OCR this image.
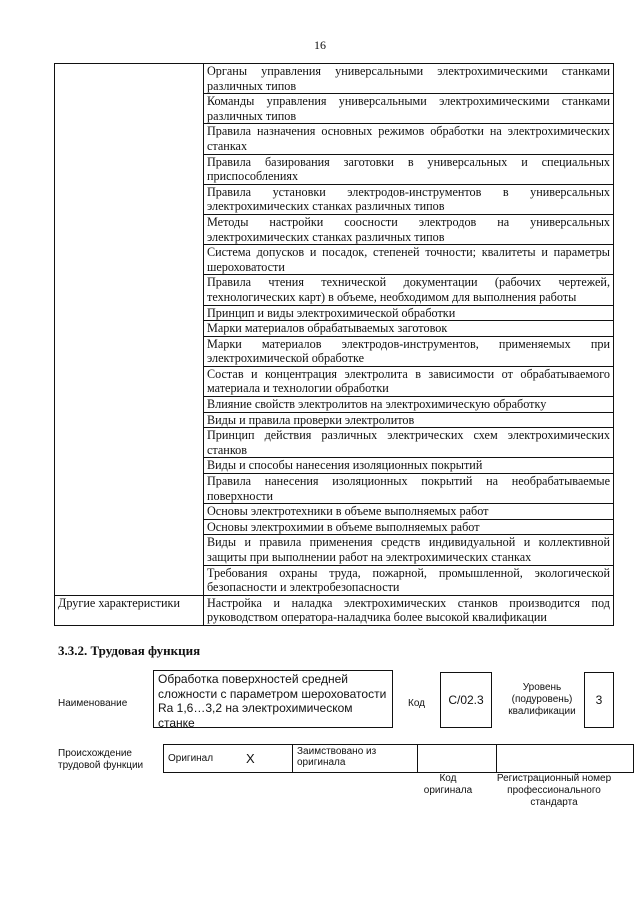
16
	Органы управления универсальными электрохимическими станками различных типов
	Команды управления универсальными электрохимическими станками различных типов
	Правила назначения основных режимов обработки на электрохимических станках
	Правила базирования заготовки в универсальных и специальных приспособлениях
	Правила установки электродов-инструментов в универсальных электрохимических станках различных типов
	Методы настройки соосности электродов на универсальных электрохимических станках различных типов
	Система допусков и посадок, степеней точности; квалитеты и параметры шероховатости
	Правила чтения технической документации (рабочих чертежей, технологических карт) в объеме, необходимом для выполнения работы
	Принцип и виды электрохимической обработки
	Марки материалов обрабатываемых заготовок
	Марки материалов электродов-инструментов, применяемых при электрохимической обработке
	Состав и концентрация электролита в зависимости от обрабатываемого материала и технологии обработки
	Влияние свойств электролитов на электрохимическую обработку
	Виды и правила проверки электролитов
	Принцип действия различных электрических схем электрохимических станков
	Виды и способы нанесения изоляционных покрытий
	Правила нанесения изоляционных покрытий на необрабатываемые поверхности
	Основы электротехники в объеме выполняемых работ
	Основы электрохимии в объеме выполняемых работ
	Виды и правила применения средств индивидуальной и коллективной защиты при выполнении работ на электрохимических станках
	Требования охраны труда, пожарной, промышленной, экологической безопасности и электробезопасности
Другие характеристики	Настройка и наладка электрохимических станков производится под руководством оператора-наладчика более высокой квалификации
3.3.2. Трудовая функция
Наименование
Обработка поверхностей средней сложности с параметром шероховатости Ra 1,6…3,2 на электрохимическом станке
Код	C/02.3
Уровень (подуровень) квалификации
3
Происхождение трудовой функции
Оригинал	X	Заимствовано из оригинала		
Код оригинала
Регистрационный номер профессионального стандарта
